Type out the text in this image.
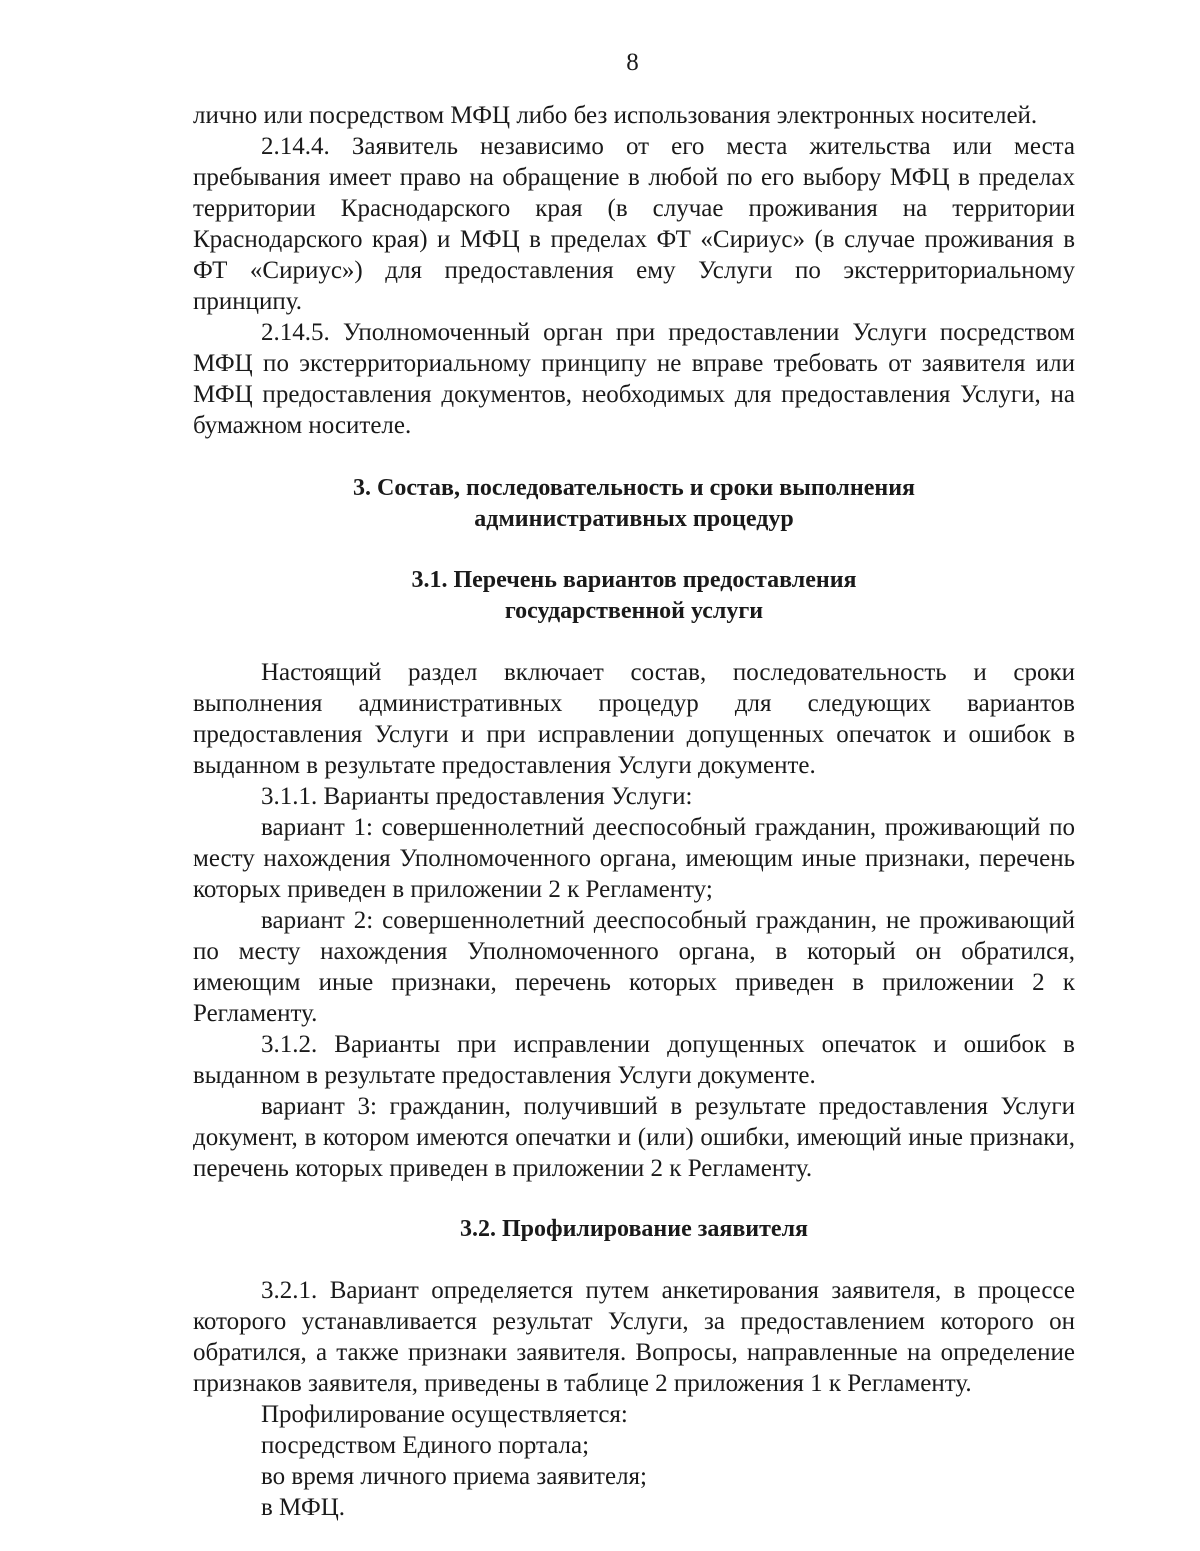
8

лично или посредством МФЦ либо без использования электронных носителей.

2.14.4. Заявитель независимо от его места жительства или места пребывания имеет право на обращение в любой по его выбору МФЦ в пределах территории Краснодарского края (в случае проживания на территории Краснодарского края) и МФЦ в пределах ФТ «Сириус» (в случае проживания в ФТ «Сириус») для предоставления ему Услуги по экстерриториальному принципу.

2.14.5. Уполномоченный орган при предоставлении Услуги посредством МФЦ по экстерриториальному принципу не вправе требовать от заявителя или МФЦ предоставления документов, необходимых для предоставления Услуги, на бумажном носителе.

3. Состав, последовательность и сроки выполнения

административных процедур

3.1. Перечень вариантов предоставления

государственной услуги

Настоящий раздел включает состав, последовательность и сроки выполнения административных процедур для следующих вариантов предоставления Услуги и при исправлении допущенных опечаток и ошибок в выданном в результате предоставления Услуги документе.

3.1.1. Варианты предоставления Услуги:

вариант 1: совершеннолетний дееспособный гражданин, проживающий по месту нахождения Уполномоченного органа, имеющим иные признаки, перечень которых приведен в приложении 2 к Регламенту;

вариант 2: совершеннолетний дееспособный гражданин, не проживающий по месту нахождения Уполномоченного органа, в который он обратился, имеющим иные признаки, перечень которых приведен в приложении 2 к Регламенту.

3.1.2. Варианты при исправлении допущенных опечаток и ошибок в выданном в результате предоставления Услуги документе.

вариант 3: гражданин, получивший в результате предоставления Услуги документ, в котором имеются опечатки и (или) ошибки, имеющий иные признаки, перечень которых приведен в приложении 2 к Регламенту.

3.2. Профилирование заявителя

3.2.1. Вариант определяется путем анкетирования заявителя, в процессе которого устанавливается результат Услуги, за предоставлением которого он обратился, а также признаки заявителя. Вопросы, направленные на определение признаков заявителя, приведены в таблице 2 приложения 1 к Регламенту.

Профилирование осуществляется:

посредством Единого портала;

во время личного приема заявителя;

в МФЦ.
